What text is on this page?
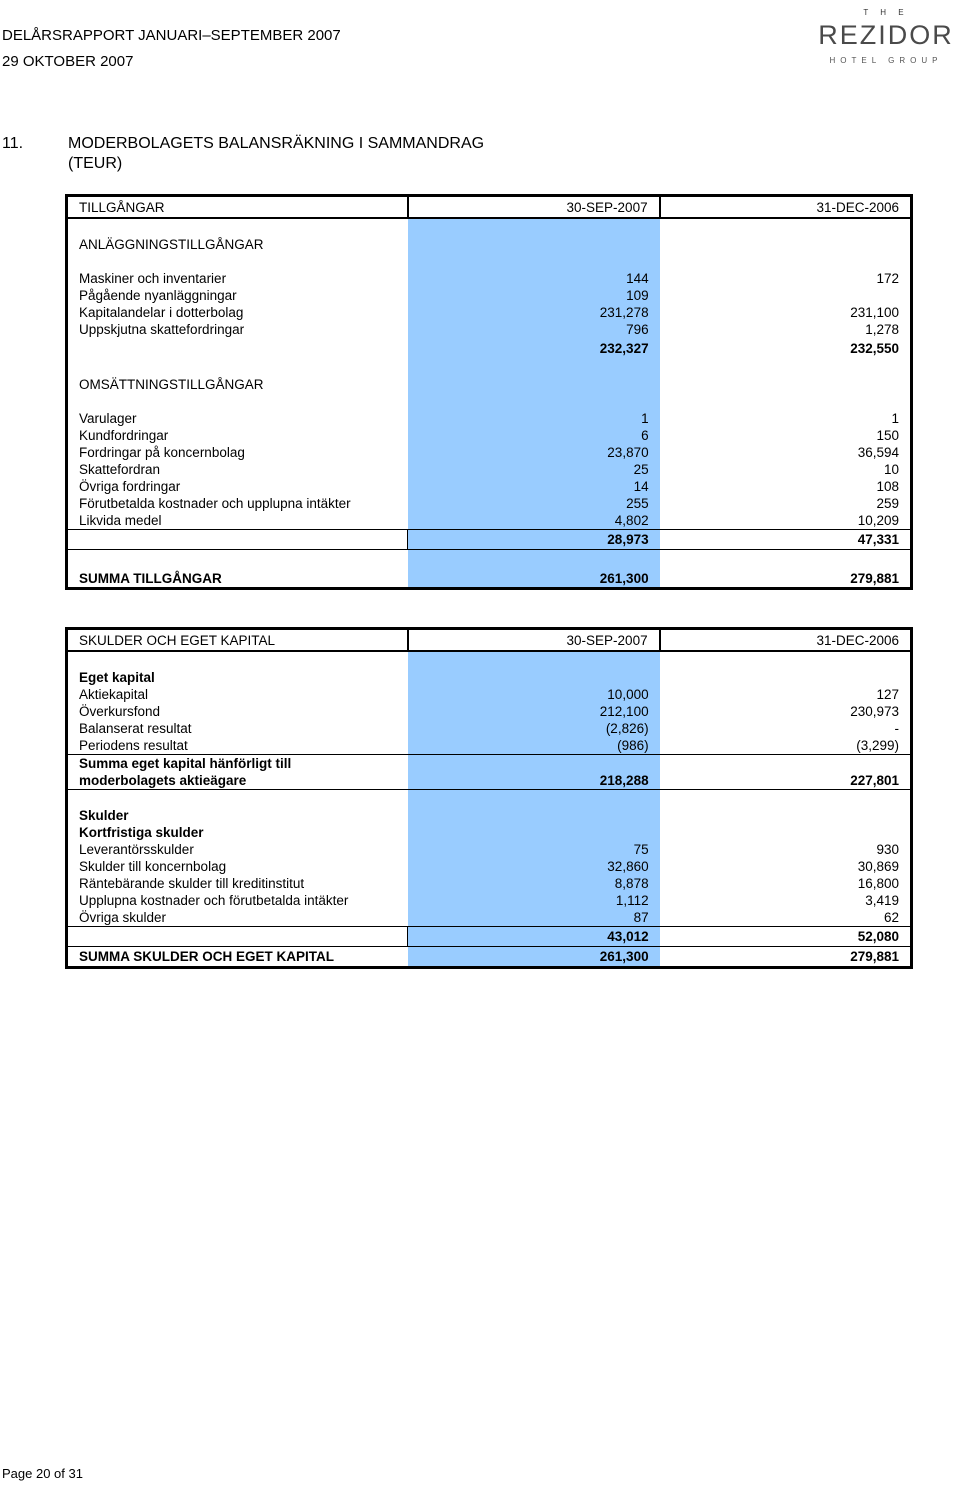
DELÅRSRAPPORT JANUARI–SEPTEMBER 2007
29 OKTOBER 2007
T H E
REZIDOR
HOTEL GROUP
11.	MODERBOLAGETS BALANSRÄKNING I SAMMANDRAG
(TEUR)
TILLGÅNGAR	30-SEP-2007	31-DEC-2006

ANLÄGGNINGSTILLGÅNGAR		

Maskiner och inventarier	144	172
Pågående nyanläggningar	109	
Kapitalandelar i dotterbolag	231,278	231,100
Uppskjutna skattefordringar	796	1,278
	232,327	232,550

OMSÄTTNINGSTILLGÅNGAR		

Varulager	1	1
Kundfordringar	6	150
Fordringar på koncernbolag	23,870	36,594
Skattefordran	25	10
Övriga fordringar	14	108
Förutbetalda kostnader och upplupna intäkter	255	259
Likvida medel	4,802	10,209
	28,973	47,331

SUMMA TILLGÅNGAR	261,300	279,881
SKULDER OCH EGET KAPITAL	30-SEP-2007	31-DEC-2006

Eget kapital		
Aktiekapital	10,000	127
Överkursfond	212,100	230,973
Balanserat resultat	(2,826)	-
Periodens resultat	(986)	(3,299)
Summa eget kapital hänförligt till		
moderbolagets aktieägare	218,288	227,801

Skulder		
Kortfristiga skulder		
Leverantörsskulder	75	930
Skulder till koncernbolag	32,860	30,869
Räntebärande skulder till kreditinstitut	8,878	16,800
Upplupna kostnader och förutbetalda intäkter	1,112	3,419
Övriga skulder	87	62
	43,012	52,080
SUMMA SKULDER OCH EGET KAPITAL	261,300	279,881
Page 20 of 31
